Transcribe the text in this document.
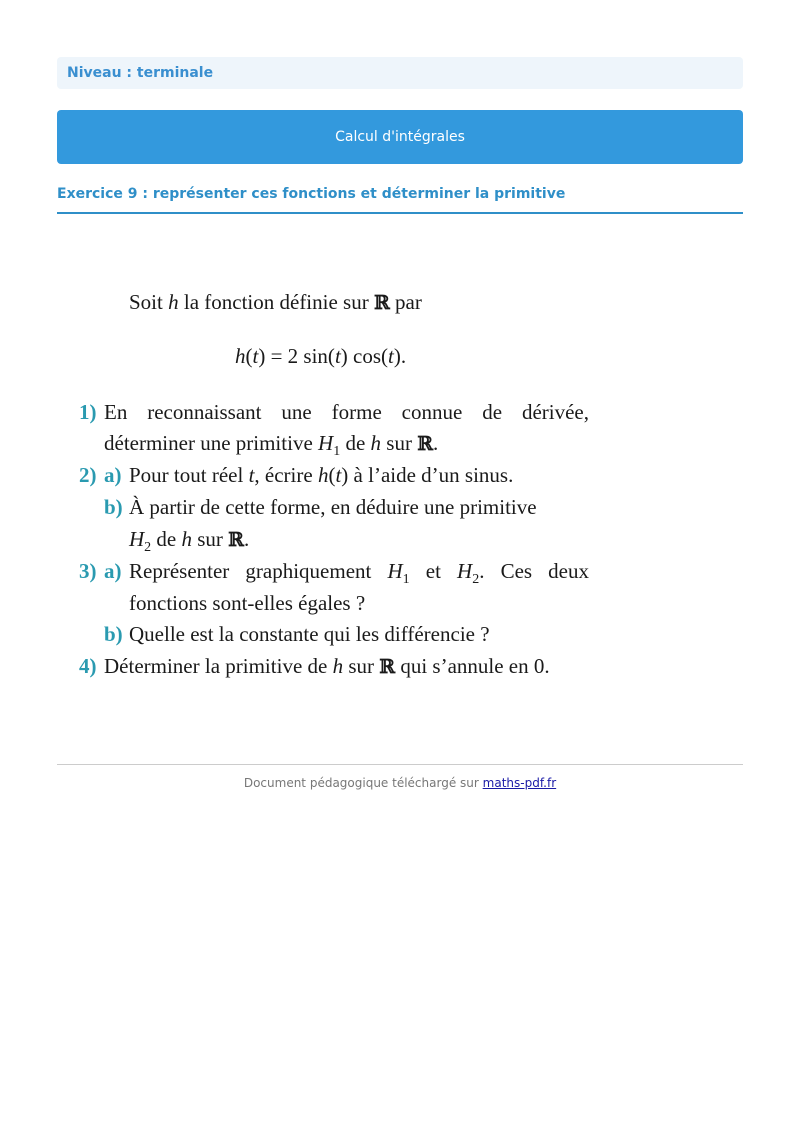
Niveau : terminale
Calcul d'intégrales
Exercice 9 : représenter ces fonctions et déterminer la primitive
Soit h la fonction définie sur ℝ par
h(t) = 2 sin(t) cos(t).
1) En reconnaissant une forme connue de dérivée,
déterminer une primitive $H_1$ de h sur ℝ.
2) a) Pour tout réel t, écrire h(t) à l’aide d’un sinus.
b) À partir de cette forme, en déduire une primitive
$H_2$ de h sur ℝ.
3) a) Représenter graphiquement $H_1$ et $H_2$. Ces deux
fonctions sont-elles égales ?
b) Quelle est la constante qui les différencie ?
4) Déterminer la primitive de h sur ℝ qui s’annule en 0.
Document pédagogique téléchargé sur maths-pdf.fr
